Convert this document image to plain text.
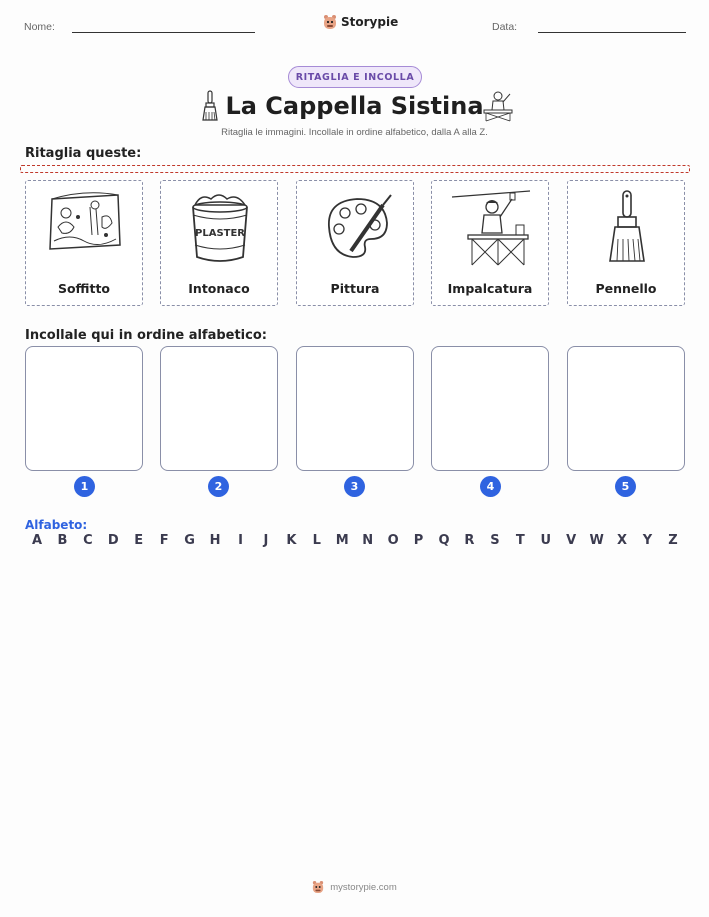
Nome:	Storypie	Data:
RITAGLIA E INCOLLA
La Cappella Sistina
Ritaglia le immagini. Incollale in ordine alfabetico, dalla A alla Z.
Ritaglia queste:
Soffitto
PLASTER
Intonaco	Pittura	Impalcatura	Pennello
Incollale qui in ordine alfabetico:
1	2	3	4	5
Alfabeto:
A	B	C	D	E	F	G	H	I	J	K	L	M	N	O	P	Q	R	S	T	U	V	W	X	Y	Z
mystorypie.com
